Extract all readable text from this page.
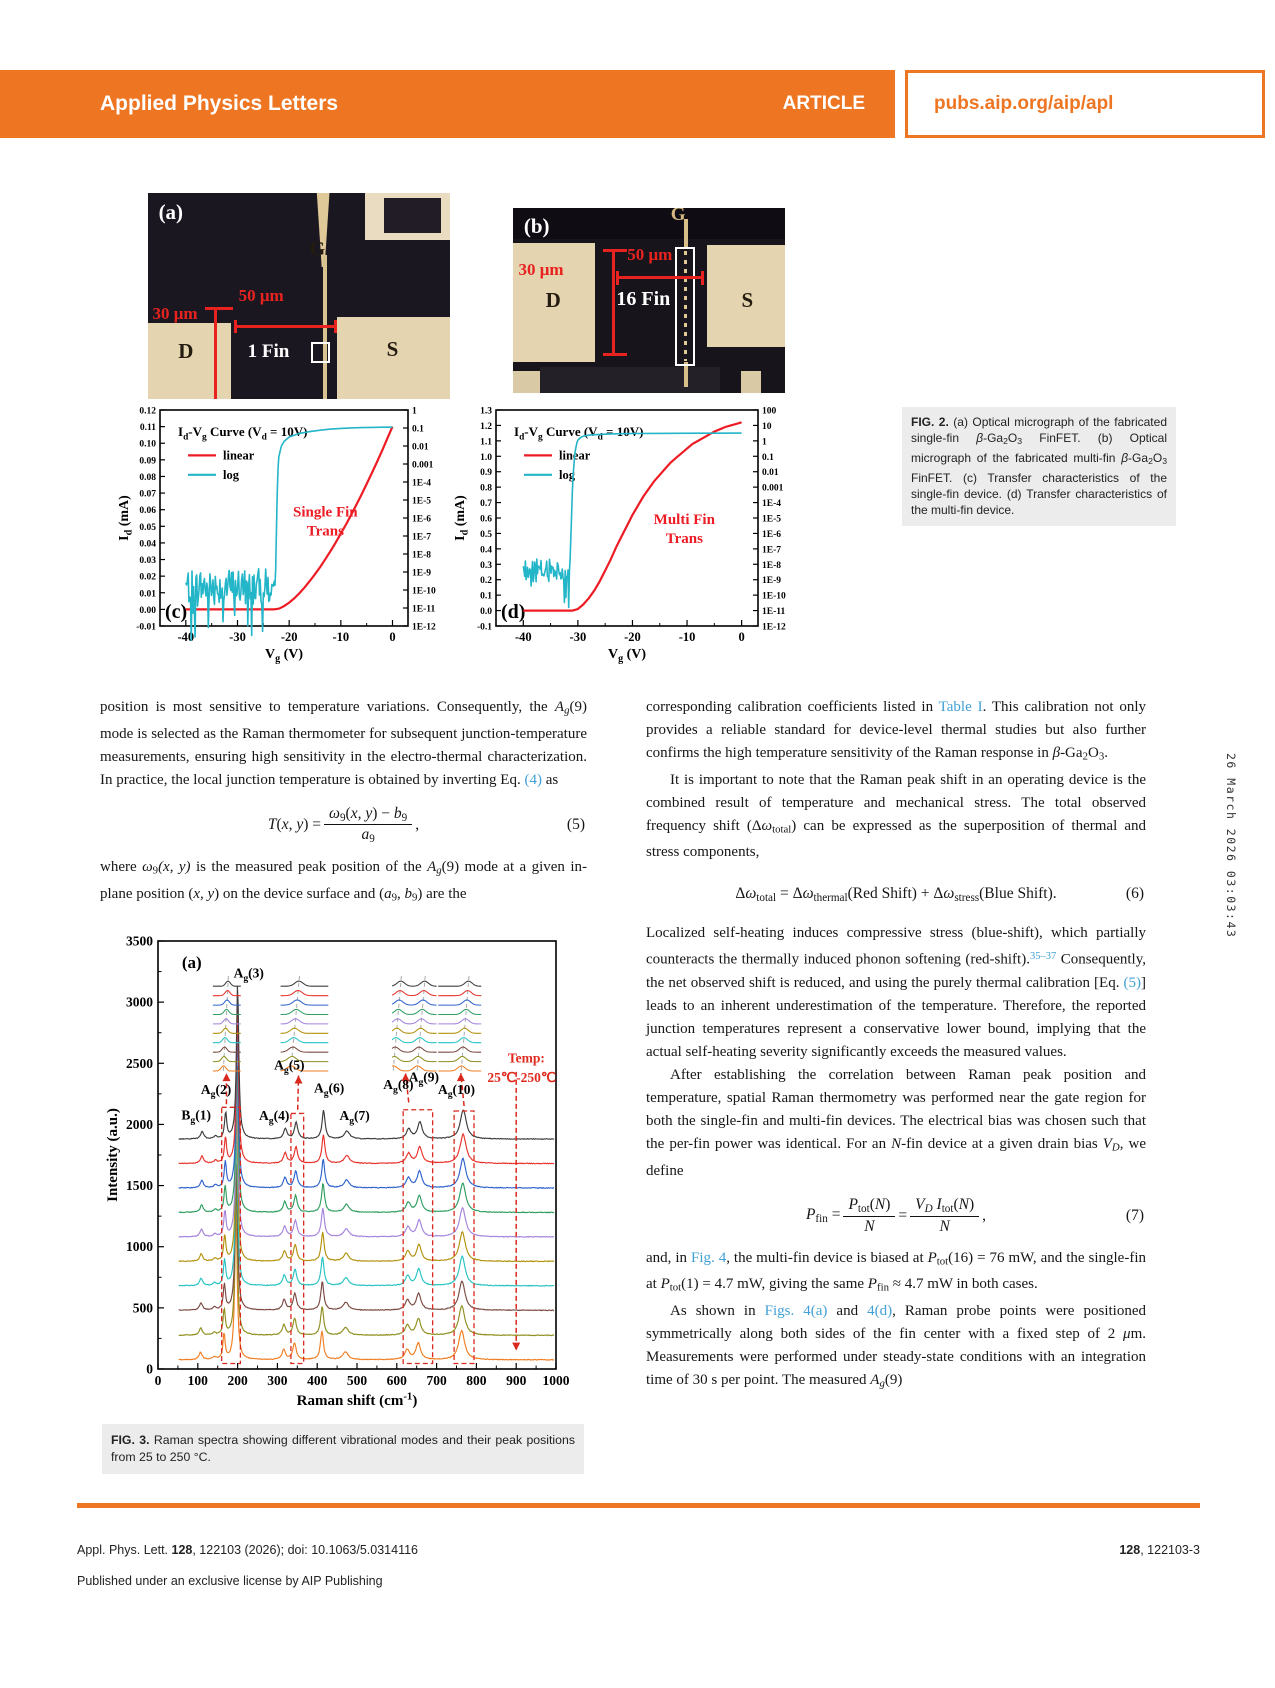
Applied Physics Letters	ARTICLE	pubs.aip.org/aip/apl
G
50 μm
30 μm
D	S
1 Fin
(a)	G
50 μm
30 μm
D	16 Fin	S
(b)
0.12
0.11
0.10
0.09
0.08
0.07
0.06
0.05
0.04
0.03
0.02
0.01
0.00
-0.01
1
0.1
0.01
0.001
1E-4
1E-5
1E-6
1E-7
1E-8
1E-9
1E-10
1E-11
1E-12
-40	-30	-20	-10	0
$I_d-V_g$ Curve $(V_d = 10V)$
linear
log
Single Fin
Trans
(c)
$V_g$ (V)
$I_d$ (mA)
1.3
1.2
1.1
1.0
0.9
0.8
0.7
0.6
0.5
0.4
0.3
0.2
0.1
0.0
-0.1
100
10
1
0.1
0.01
0.001
1E-4
1E-5
1E-6
1E-7
1E-8
1E-9
1E-10
1E-11
1E-12
-40	-30	-20	-10	0
$I_d-V_g$ Curve $(V_d = 10V)$
linear
log
Multi Fin
Trans
(d)
$V_g$ (V)
$I_d$ (mA)
FIG. 2. (a) Optical micrograph of the fabricated single-fin β-Ga2O3 FinFET. (b) Optical micrograph of the fabricated multi-fin β-Ga2O3 FinFET. (c) Transfer characteristics of the single-fin device. (d) Transfer characteristics of the multi-fin device.

position is most sensitive to temperature variations. Consequently, the Ag(9) mode is selected as the Raman thermometer for subsequent junction-temperature measurements, ensuring high sensitivity in the electro-thermal characterization. In practice, the local junction temperature is obtained by inverting Eq. (4) as

T(x, $y) = \frac{\omega 9(x, y) - b9}{a9}$ ,	(5)

where ω9(x, y) is the measured peak position of the Ag(9) mode at a given in-plane position (x, y) on the device surface and (a9, b9) are the

0
500
1000
1500
2000
2500
3000
3500
0 100 200 300 400 500 600 700 800 900 1000
Raman shift $(cm^{-1})$
Intensity (a.u.)
(a)
$B_g(1)$
$A_g(2)$
$A_g(3)$
$A_g(4)$
$A_g(5)$
$A_g(6)$
$A_g(7)$
$A_g(8)$
$A_g(9)$
$A_g(10)$
Temp:
25℃-250℃
FIG. 3. Raman spectra showing different vibrational modes and their peak positions from 25 to 250 °C.

corresponding calibration coefficients listed in Table I. This calibration not only provides a reliable standard for device-level thermal studies but also further confirms the high temperature sensitivity of the Raman response in β-Ga2O3.

It is important to note that the Raman peak shift in an operating device is the combined result of temperature and mechanical stress. The total observed frequency shift (Δωtotal) can be expressed as the superposition of thermal and stress components,

Δωtotal = Δωthermal(Red Shift) + Δωstress(Blue Shift).	(6)

Localized self-heating induces compressive stress (blue-shift), which partially counteracts the thermally induced phonon softening (red-shift).$^{35-37}$ Consequently, the net observed shift is reduced, and using the purely thermal calibration [Eq. (5)] leads to an inherent underestimation of the temperature. Therefore, the reported junction temperatures represent a conservative lower bound, implying that the actual self-heating severity significantly exceeds the measured values.

After establishing the correlation between Raman peak position and temperature, spatial Raman thermometry was performed near the gate region for both the single-fin and multi-fin devices. The electrical bias was chosen such that the per-fin power was identical. For an N-fin device at a given drain bias VD, we define

Pfin = $\frac{\text{Ptot(N)}}{N} = \frac{\text{VD Itot(N)}}{N}$ ,	(7)

and, in Fig. 4, the multi-fin device is biased at Ptot(16) = 76 mW, and the single-fin at Ptot(1) = 4.7 mW, giving the same Pfin ≈ 4.7 mW in both cases.

As shown in Figs. 4(a) and 4(d), Raman probe points were positioned symmetrically along both sides of the fin center with a fixed step of 2 μm. Measurements were performed under steady-state conditions with an integration time of 30 s per point. The measured Ag(9)

Appl. Phys. Lett. 128, 122103 (2026); doi: 10.1063/5.0314116	128, 122103-3
Published under an exclusive license by AIP Publishing
26 March 2026 03:03:43
